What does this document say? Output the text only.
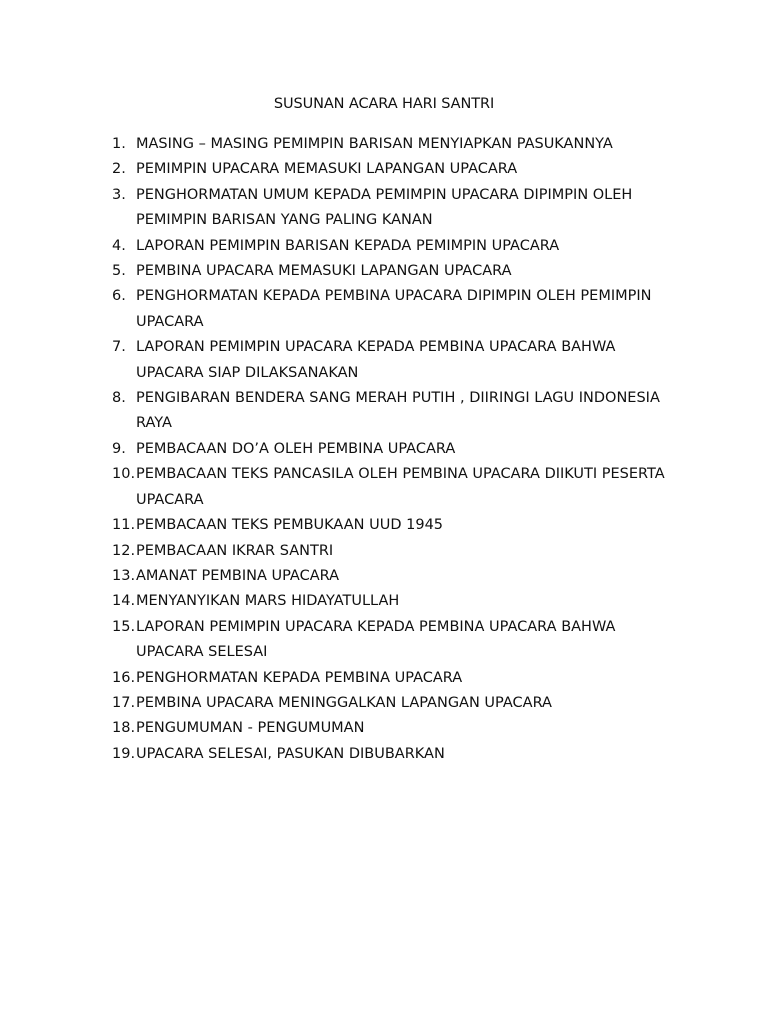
SUSUNAN ACARA HARI SANTRI
1. MASING – MASING PEMIMPIN BARISAN MENYIAPKAN PASUKANNYA
2. PEMIMPIN UPACARA MEMASUKI LAPANGAN UPACARA
3. PENGHORMATAN UMUM KEPADA PEMIMPIN UPACARA DIPIMPIN OLEH
PEMIMPIN BARISAN YANG PALING KANAN
4. LAPORAN PEMIMPIN BARISAN KEPADA PEMIMPIN UPACARA
5. PEMBINA UPACARA MEMASUKI LAPANGAN UPACARA
6. PENGHORMATAN KEPADA PEMBINA UPACARA DIPIMPIN OLEH PEMIMPIN
UPACARA
7. LAPORAN PEMIMPIN UPACARA KEPADA PEMBINA UPACARA BAHWA
UPACARA SIAP DILAKSANAKAN
8. PENGIBARAN BENDERA SANG MERAH PUTIH , DIIRINGI LAGU INDONESIA
RAYA
9. PEMBACAAN DO’A OLEH PEMBINA UPACARA
10. PEMBACAAN TEKS PANCASILA OLEH PEMBINA UPACARA DIIKUTI PESERTA
UPACARA
11. PEMBACAAN TEKS PEMBUKAAN UUD 1945
12. PEMBACAAN IKRAR SANTRI
13. AMANAT PEMBINA UPACARA
14. MENYANYIKAN MARS HIDAYATULLAH
15. LAPORAN PEMIMPIN UPACARA KEPADA PEMBINA UPACARA BAHWA
UPACARA SELESAI
16. PENGHORMATAN KEPADA PEMBINA UPACARA
17. PEMBINA UPACARA MENINGGALKAN LAPANGAN UPACARA
18. PENGUMUMAN - PENGUMUMAN
19. UPACARA SELESAI, PASUKAN DIBUBARKAN
